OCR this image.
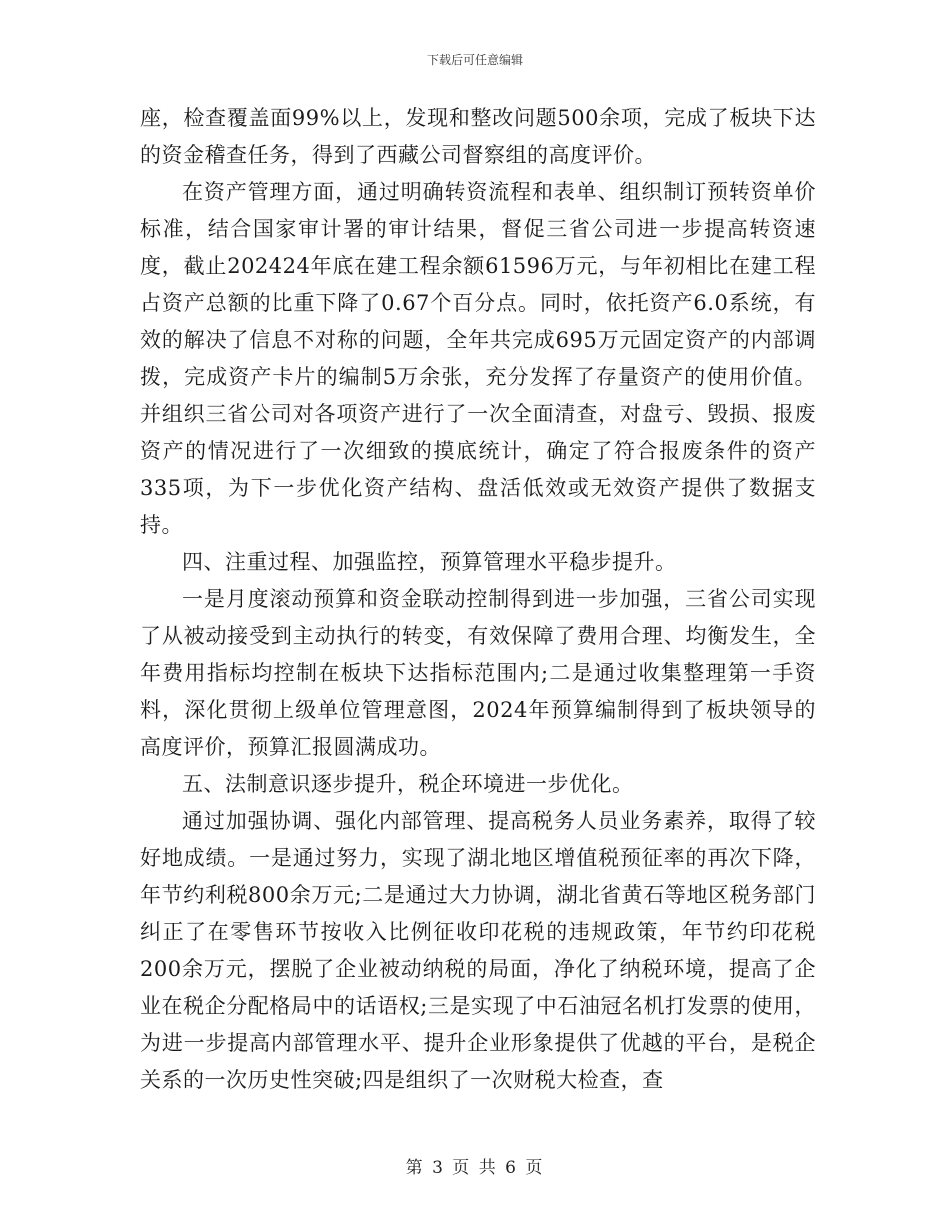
下载后可任意编辑

座，检查覆盖面99%以上，发现和整改问题500余项，完成了板块下达的资金稽查任务，得到了西藏公司督察组的高度评价。

在资产管理方面，通过明确转资流程和表单、组织制订预转资单价标准，结合国家审计署的审计结果，督促三省公司进一步提高转资速度，截止202424年底在建工程余额61596万元，与年初相比在建工程占资产总额的比重下降了0.67个百分点。同时，依托资产6.0系统，有效的解决了信息不对称的问题，全年共完成695万元固定资产的内部调拨，完成资产卡片的编制5万余张，充分发挥了存量资产的使用价值。并组织三省公司对各项资产进行了一次全面清查，对盘亏、毁损、报废资产的情况进行了一次细致的摸底统计，确定了符合报废条件的资产335项，为下一步优化资产结构、盘活低效或无效资产提供了数据支持。

四、注重过程、加强监控，预算管理水平稳步提升。

一是月度滚动预算和资金联动控制得到进一步加强，三省公司实现了从被动接受到主动执行的转变，有效保障了费用合理、均衡发生，全年费用指标均控制在板块下达指标范围内;二是通过收集整理第一手资料，深化贯彻上级单位管理意图，2024年预算编制得到了板块领导的高度评价，预算汇报圆满成功。

五、法制意识逐步提升，税企环境进一步优化。

通过加强协调、强化内部管理、提高税务人员业务素养，取得了较好地成绩。一是通过努力，实现了湖北地区增值税预征率的再次下降，年节约利税800余万元;二是通过大力协调，湖北省黄石等地区税务部门纠正了在零售环节按收入比例征收印花税的违规政策，年节约印花税200余万元，摆脱了企业被动纳税的局面，净化了纳税环境，提高了企业在税企分配格局中的话语权;三是实现了中石油冠名机打发票的使用，为进一步提高内部管理水平、提升企业形象提供了优越的平台，是税企关系的一次历史性突破;四是组织了一次财税大检查，查

第 3 页 共 6 页
